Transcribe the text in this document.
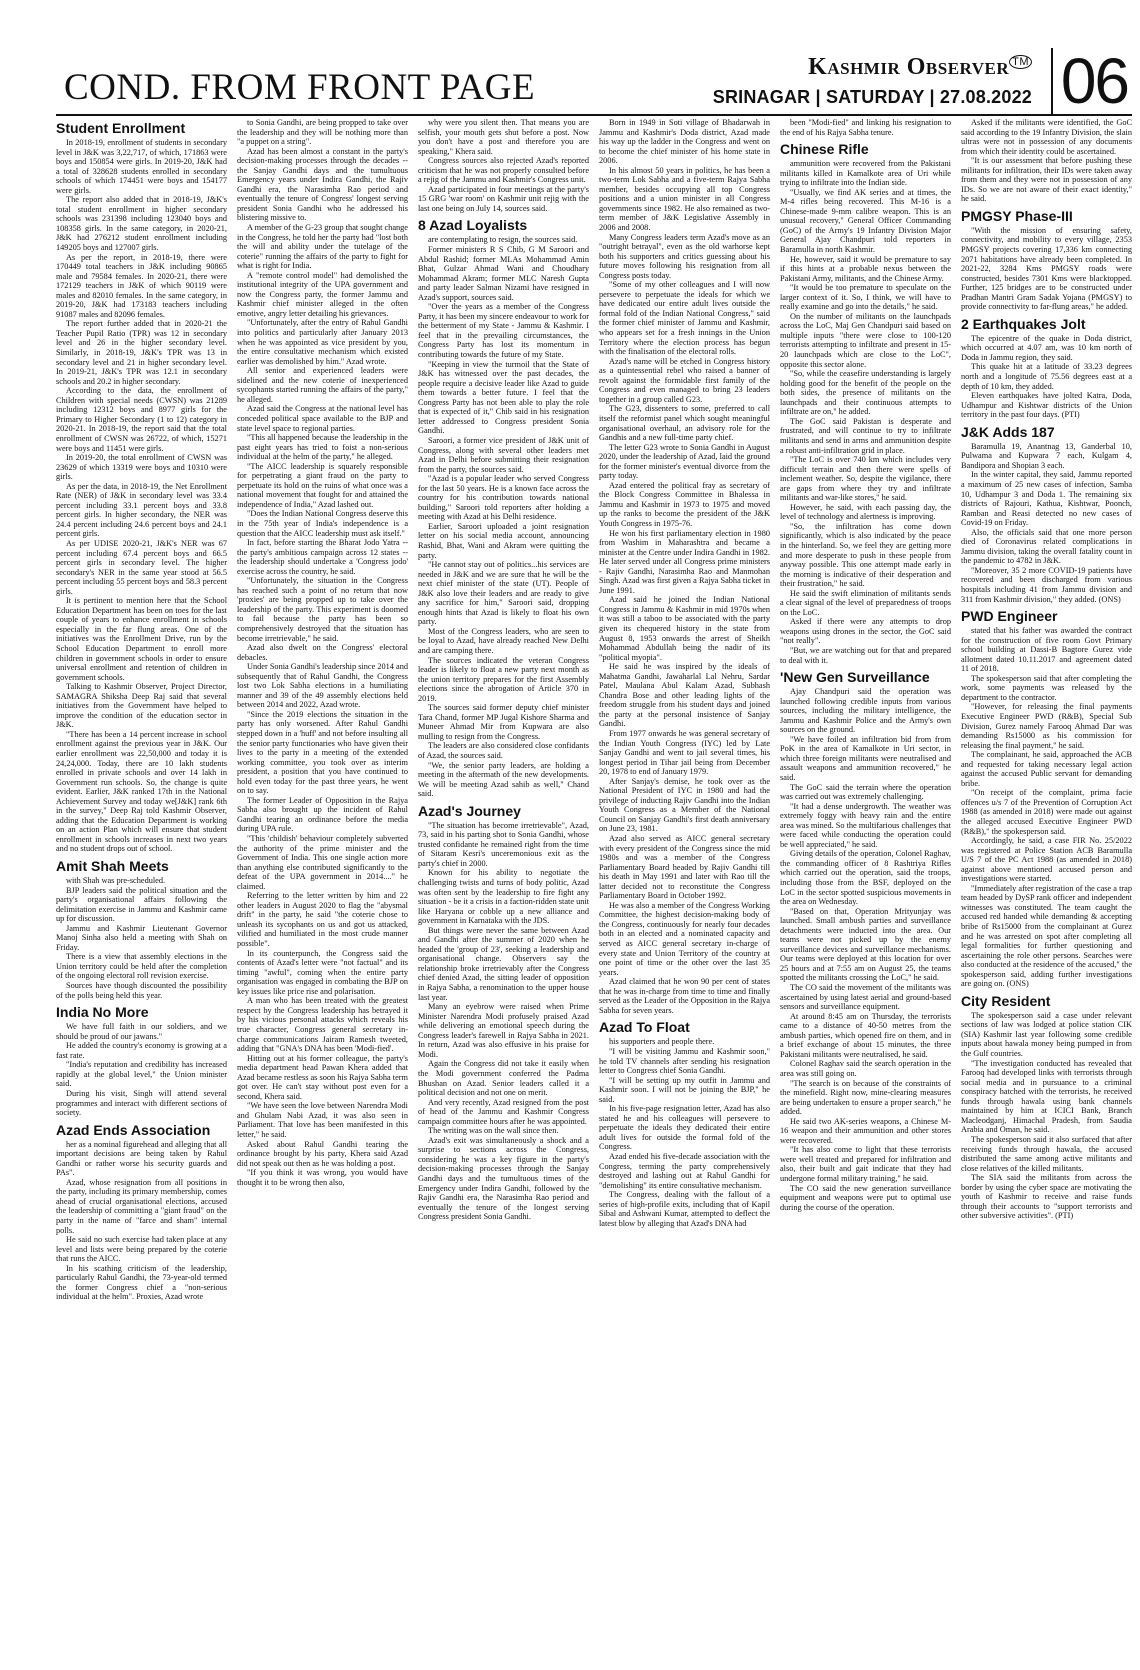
COND. FROM FRONT PAGE	Kashmir Observer ™
SRINAGAR | SATURDAY | 27.08.2022 06
Student Enrollment

In 2018-19, enrollment of students in secondary level in J&K was 3,22,717, of which, 171863 were boys and 150854 were girls. In 2019-20, J&K had a total of 328628 students enrolled in secondary schools of which 174451 were boys and 154177 were girls.

The report also added that in 2018-19, J&K's total student enrollment in higher secondary schools was 231398 including 123040 boys and 108358 girls. In the same category, in 2020-21, J&K had 276212 student enrollment including 149205 boys and 127007 girls.

As per the report, in 2018-19, there were 170449 total teachers in J&K including 90865 male and 79584 females. In 2020-21, there were 172129 teachers in J&K of which 90119 were males and 82010 females. In the same category, in 2019-20, J&K had 173183 teachers including 91087 males and 82096 females.

The report further added that in 2020-21 the Teacher Pupil Ratio (TPR) was 12 in secondary level and 26 in the higher secondary level. Similarly, in 2018-19, J&K's TPR was 13 in secondary level and 21 in higher secondary level. In 2019-21, J&K's TPR was 12.1 in secondary schools and 20.2 in higher secondary.

According to the data, the enrollment of Children with special needs (CWSN) was 21289 including 12312 boys and 8977 girls for the Primary to Higher Secondary (1 to 12) category in 2020-21. In 2018-19, the report said that the total enrollment of CWSN was 26722, of which, 15271 were boys and 11451 were girls.

In 2019-20, the total enrollment of CWSN was 23629 of which 13319 were boys and 10310 were girls.

As per the data, in 2018-19, the Net Enrollment Rate (NER) of J&K in secondary level was 33.4 percent including 33.1 percent boys and 33.8 percent girls. In higher secondary, the NER was 24.4 percent including 24.6 percent boys and 24.1 percent girls.

As per UDISE 2020-21, J&K's NER was 67 percent including 67.4 percent boys and 66.5 percent girls in secondary level. The higher secondary's NER in the same year stood at 56.5 percent including 55 percent boys and 58.3 percent girls.

It is pertinent to mention here that the School Education Department has been on toes for the last couple of years to enhance enrollment in schools especially in the far flung areas. One of the initiatives was the Enrollment Drive, run by the School Education Department to enroll more children in government schools in order to ensure universal enrollment and retention of children in government schools.

Talking to Kashmir Observer, Project Director, SAMAGRA Shiksha Deep Raj said that several initiatives from the Government have helped to improve the condition of the education sector in J&K.

"There has been a 14 percent increase in school enrollment against the previous year in J&K. Our earlier enrollment was 22,50,000 and today it is 24,24,000. Today, there are 10 lakh students enrolled in private schools and over 14 lakh in Government run schools. So, the change is quite evident. Earlier, J&K ranked 17th in the National Achievement Survey and today we[J&K] rank 6th in the survey," Deep Raj told Kashmir Observer, adding that the Education Department is working on an action Plan which will ensure that student enrollment in schools increases in next two years and no student drops out of school.

Amit Shah Meets

with Shah was pre-scheduled.

BJP leaders said the political situation and the party's organisational affairs following the delimitation exercise in Jammu and Kashmir came up for discussion.

Jammu and Kashmir Lieutenant Governor Manoj Sinha also held a meeting with Shah on Friday.

There is a view that assembly elections in the Union territory could be held after the completion of the ongoing electoral roll revision exercise.

Sources have though discounted the possibility of the polls being held this year.

India No More

We have full faith in our soldiers, and we should be proud of our jawans."

He added the country's economy is growing at a fast rate.

"India's reputation and credibility has increased rapidly at the global level," the Union minister said.

During his visit, Singh will attend several programmes and interact with different sections of society.

Azad Ends Association

her as a nominal figurehead and alleging that all important decisions are being taken by Rahul Gandhi or rather worse his security guards and PAs".

Azad, whose resignation from all positions in the party, including its primary membership, comes ahead of crucial organisational elections, accused the leadership of committing a "giant fraud" on the party in the name of "farce and sham" internal polls.

He said no such exercise had taken place at any level and lists were being prepared by the coterie that runs the AICC.

In his scathing criticism of the leadership, particularly Rahul Gandhi, the 73-year-old termed the former Congress chief a "non-serious individual at the helm". Proxies, Azad wrote

to Sonia Gandhi, are being propped to take over the leadership and they will be nothing more than "a puppet on a string".

Azad has been almost a constant in the party's decision-making processes through the decades -- the Sanjay Gandhi days and the tumultuous Emergency years under Indira Gandhi, the Rajiv Gandhi era, the Narasimha Rao period and eventually the tenure of Congress' longest serving president Sonia Gandhi who he addressed his blistering missive to.

A member of the G-23 group that sought change in the Congress, he told her the party had "lost both the will and ability under the tutelage of the coterie" running the affairs of the party to fight for what is right for India.

A "remote control model" had demolished the institutional integrity of the UPA government and now the Congress party, the former Jammu and Kashmir chief minister alleged in the often emotive, angry letter detailing his grievances.

"Unfortunately, after the entry of Rahul Gandhi into politics and particularly after January 2013 when he was appointed as vice president by you, the entire consultative mechanism which existed earlier was demolished by him." Azad wrote.

All senior and experienced leaders were sidelined and the new coterie of inexperienced sycophants started running the affairs of the party," he alleged.

Azad said the Congress at the national level has conceded political space available to the BJP and state level space to regional parties.

"This all happened because the leadership in the past eight years has tried to foist a non-serious individual at the helm of the party," he alleged.

"The AICC leadership is squarely responsible for perpetrating a giant fraud on the party to perpetuate its hold on the ruins of what once was a national movement that fought for and attained the independence of India," Azad lashed out.

"Does the Indian National Congress deserve this in the 75th year of India's independence is a question that the AICC leadership must ask itself."

In fact, before starting the Bharat Jodo Yatra -- the party's ambitious campaign across 12 states -- the leadership should undertake a 'Congress jodo' exercise across the country, he said.

"Unfortunately, the situation in the Congress has reached such a point of no return that now 'proxies' are being propped up to take over the leadership of the party. This experiment is doomed to fail because the party has been so comprehensively destroyed that the situation has become irretrievable," he said.

Azad also dwelt on the Congress' electoral debacles.

Under Sonia Gandhi's leadership since 2014 and subsequently that of Rahul Gandhi, the Congress lost two Lok Sabha elections in a humiliating manner and 39 of the 49 assembly elections held between 2014 and 2022, Azad wrote.

"Since the 2019 elections the situation in the party has only worsened. After Rahul Gandhi stepped down in a 'huff' and not before insulting all the senior party functionaries who have given their lives to the party in a meeting of the extended working committee, you took over as interim president, a position that you have continued to hold even today for the past three years, he went on to say.

The former Leader of Opposition in the Rajya Sabha also brought up the incident of Rahul Gandhi tearing an ordinance before the media during UPA rule.

"This 'childish' behaviour completely subverted the authority of the prime minister and the Government of India. This one single action more than anything else contributed significantly to the defeat of the UPA government in 2014...." he claimed.

Referring to the letter written by him and 22 other leaders in August 2020 to flag the "abysmal drift" in the party, he said "the coterie chose to unleash its sycophants on us and got us attacked, vilified and humiliated in the most crude manner possible".

In its counterpunch, the Congress said the contents of Azad's letter were "not factual" and its timing "awful", coming when the entire party organisation was engaged in combating the BJP on key issues like price rise and polarisation.

A man who has been treated with the greatest respect by the Congress leadership has betrayed it by his vicious personal attacks which reveals his true character, Congress general secretary in-charge communications Jairam Ramesh tweeted, adding that "GNA's DNA has been 'Modi-fied'.

Hitting out at his former colleague, the party's media department head Pawan Khera added that Azad became restless as soon his Rajya Sabha term got over. He can't stay without post even for a second, Khera said.

"We have seen the love between Narendra Modi and Ghulam Nabi Azad, it was also seen in Parliament. That love has been manifested in this letter," he said.

Asked about Rahul Gandhi tearing the ordinance brought by his party, Khera said Azad did not speak out then as he was holding a post.

"If you think it was wrong, you would have thought it to be wrong then also,

why were you silent then. That means you are selfish, your mouth gets shut before a post. Now you don't have a post and therefore you are speaking," Khera said.

Congress sources also rejected Azad's reported criticism that he was not properly consulted before a rejig of the Jammu and Kashmir's Congress unit.

Azad participated in four meetings at the party's 15 GRG 'war room' on Kashmir unit rejig with the last one being on July 14, sources said.

8 Azad Loyalists

are contemplating to resign, the sources said.

Former ministers R S Chib, G M Saroori and Abdul Rashid; former MLAs Mohammad Amin Bhat, Gulzar Ahmad Wani and Choudhary Mohammad Akram; former MLC Naresh Gupta and party leader Salman Nizami have resigned in Azad's support, sources said.

"Over the years as a member of the Congress Party, it has been my sincere endeavour to work for the betterment of my State - Jammu & Kashmir. I feel that in the prevailing circumstances, the Congress Party has lost its momentum in contributing towards the future of my State.

"Keeping in view the turmoil that the State of J&K has witnessed over the past decades, the people require a decisive leader like Azad to guide them towards a better future. I feel that the Congress Party has not been able to play the role that is expected of it," Chib said in his resignation letter addressed to Congress president Sonia Gandhi.

Saroori, a former vice president of J&K unit of Congress, along with several other leaders met Azad in Delhi before submitting their resignation from the party, the sources said.

"Azad is a popular leader who served Congress for the last 50 years. He is a known face across the country for his contribution towards national building," Saroori told reporters after holding a meeting with Azad at his Delhi residence.

Earlier, Saroori uploaded a joint resignation letter on his social media account, announcing Rashid, Bhat, Wani and Akram were quitting the party.

"He cannot stay out of politics...his services are needed in J&K and we are sure that he will be the next chief minister of the state (UT). People of J&K also love their leaders and are ready to give any sacrifice for him," Saroori said, dropping enough hints that Azad is likely to float his own party.

Most of the Congress leaders, who are seen to be loyal to Azad, have already reached New Delhi and are camping there.

The sources indicated the veteran Congress leader is likely to float a new party next month as the union territory prepares for the first Assembly elections since the abrogation of Article 370 in 2019.

The sources said former deputy chief minister Tara Chand, former MP Jugal Kishore Sharma and Muneer Ahmad Mir from Kupwara are also mulling to resign from the Congress.

The leaders are also considered close confidants of Azad, the sources said.

"We, the senior party leaders, are holding a meeting in the aftermath of the new developments. We will be meeting Azad sahib as well," Chand said.

Azad's Journey

"The situation has become irretrievable", Azad, 73, said in his parting shot to Sonia Gandhi, whose trusted confidante he remained right from the time of Sitaram Kesri's unceremonious exit as the party's chief in 2000.

Known for his ability to negotiate the challenging twists and turns of body politic, Azad was often sent by the leadership to fire fight any situation - be it a crisis in a faction-ridden state unit like Haryana or cobble up a new alliance and government in Karnataka with the JDS.

But things were never the same between Azad and Gandhi after the summer of 2020 when he headed the 'group of 23', seeking a leadership and organisational change. Observers say the relationship broke irretrievably after the Congress chief denied Azad, the sitting leader of opposition in Rajya Sabha, a renomination to the upper house last year.

Many an eyebrow were raised when Prime Minister Narendra Modi profusely praised Azad while delivering an emotional speech during the Congress leader's farewell in Rajya Sabha in 2021. In return, Azad was also effusive in his praise for Modi.

Again the Congress did not take it easily when the Modi government conferred the Padma Bhushan on Azad. Senior leaders called it a political decision and not one on merit.

And very recently, Azad resigned from the post of head of the Jammu and Kashmir Congress campaign committee hours after he was appointed.

The writing was on the wall since then.

Azad's exit was simultaneously a shock and a surprise to sections across the Congress, considering he was a key figure in the party's decision-making processes through the Sanjay Gandhi days and the tumultuous times of the Emergency under Indira Gandhi, followed by the Rajiv Gandhi era, the Narasimha Rao period and eventually the tenure of the longest serving Congress president Sonia Gandhi.

Born in 1949 in Soti village of Bhadarwah in Jammu and Kashmir's Doda district, Azad made his way up the ladder in the Congress and went on to become the chief minister of his home state in 2006.

In his almost 50 years in politics, he has been a two-term Lok Sabha and a five-term Rajya Sabha member, besides occupying all top Congress positions and a union minister in all Congress governments since 1982. He also remained as two-term member of J&K Legislative Assembly in 2006 and 2008.

Many Congress leaders term Azad's move as an "outright betrayal", even as the old warhorse kept both his supporters and critics guessing about his future moves following his resignation from all Congress posts today.

"Some of my other colleagues and I will now persevere to perpetuate the ideals for which we have dedicated our entire adult lives outside the formal fold of the Indian National Congress," said the former chief minister of Jammu and Kashmir, who appears set for a fresh innings in the Union Territory where the election process has begun with the finalisation of the electoral rolls.

Azad's name will be etched in Congress history as a quintessential rebel who raised a banner of revolt against the formidable first family of the Congress and even managed to bring 23 leaders together in a group called G23.

The G23, dissenters to some, preferred to call itself the reformist panel which sought meaningful organisational overhaul, an advisory role for the Gandhis and a new full-time party chief.

The letter G23 wrote to Sonia Gandhi in August 2020, under the leadership of Azad, laid the ground for the former minister's eventual divorce from the party today.

Azad entered the political fray as secretary of the Block Congress Committee in Bhalessa in Jammu and Kashmir in 1973 to 1975 and moved up the ranks to become the president of the J&K Youth Congress in 1975-76.

He won his first parliamentary election in 1980 from Washim in Maharashtra and became a minister at the Centre under Indira Gandhi in 1982. He later served under all Congress prime ministers - Rajiv Gandhi, Narasimha Rao and Manmohan Singh. Azad was first given a Rajya Sabha ticket in June 1991.

Azad said he joined the Indian National Congress in Jammu & Kashmir in mid 1970s when it was still a taboo to be associated with the party given its chequered history in the state from August 8, 1953 onwards the arrest of Sheikh Mohammad Abdullah being the nadir of its "political myopia".

He said he was inspired by the ideals of Mahatma Gandhi, Jawaharlal Lal Nehru, Sardar Patel, Maulana Abul Kalam Azad, Subhash Chandra Bose and other leading lights of the freedom struggle from his student days and joined the party at the personal insistence of Sanjay Gandhi.

From 1977 onwards he was general secretary of the Indian Youth Congress (IYC) led by Late Sanjay Gandhi and went to jail several times, his longest period in Tihar jail being from December 20, 1978 to end of January 1979.

After Sanjay's demise, he took over as the National President of IYC in 1980 and had the privilege of inducting Rajiv Gandhi into the Indian Youth Congress as a Member of the National Council on Sanjay Gandhi's first death anniversary on June 23, 1981.

Azad also served as AICC general secretary with every president of the Congress since the mid 1980s and was a member of the Congress Parliamentary Board headed by Rajiv Gandhi till his death in May 1991 and later with Rao till the latter decided not to reconstitute the Congress Parliamentary Board in October 1992.

He was also a member of the Congress Working Committee, the highest decision-making body of the Congress, continuously for nearly four decades both in an elected and a nominated capacity and served as AICC general secretary in-charge of every state and Union Territory of the country at one point of time or the other over the last 35 years.

Azad claimed that he won 90 per cent of states that he was in-charge from time to time and finally served as the Leader of the Opposition in the Rajya Sabha for seven years.

Azad To Float

his supporters and people there.

"I will be visiting Jammu and Kashmir soon," he told TV channels after sending his resignation letter to Congress chief Sonia Gandhi.

"I will be setting up my outfit in Jammu and Kashmir soon. I will not be joining the BJP," he said.

In his five-page resignation letter, Azad has also stated he and his colleagues will persevere to perpetuate the ideals they dedicated their entire adult lives for outside the formal fold of the Congress.

Azad ended his five-decade association with the Congress, terming the party comprehensively destroyed and lashing out at Rahul Gandhi for "demolishing" its entire consultative mechanism.

The Congress, dealing with the fallout of a series of high-profile exits, including that of Kapil Sibal and Ashwani Kumar, attempted to deflect the latest blow by alleging that Azad's DNA had

been "Modi-fied" and linking his resignation to the end of his Rajya Sabha tenure.

Chinese Rifle

ammunition were recovered from the Pakistani militants killed in Kamalkote area of Uri while trying to infiltrate into the Indian side.

"Usually, we find AK series and at times, the M-4 rifles being recovered. This M-16 is a Chinese-made 9-mm calibre weapon. This is an unusual recovery," General Officer Commanding (GoC) of the Army's 19 Infantry Division Major General Ajay Chandpuri told reporters in Baramulla in north Kashmir.

He, however, said it would be premature to say if this hints at a probable nexus between the Pakistani Army, militants, and the Chinese Army.

"It would be too premature to speculate on the larger context of it. So, I think, we will have to really examine and go into the details," he said.

On the number of militants on the launchpads across the LoC, Maj Gen Chandpuri said based on multiple inputs "there were close to 100-120 terrorists attempting to infiltrate and present in 15-20 launchpads which are close to the LoC", opposite this sector alone.

"So, while the ceasefire understanding is largely holding good for the benefit of the people on the both sides, the presence of militants on the launchpads and their continuous attempts to infiltrate are on," he added.

The GoC said Pakistan is desperate and frustrated, and will continue to try to infiltrate militants and send in arms and ammunition despite a robust anti-infiltration grid in place.

"The LoC is over 740 km which includes very difficult terrain and then there were spells of inclement weather. So, despite the vigilance, there are gaps from where they try and infiltrate militants and war-like stores," he said.

However, he said, with each passing day, the level of technology and alertness is improving.

"So, the infiltration has come down significantly, which is also indicated by the peace in the hinterland. So, we feel they are getting more and more desperate to push in these people from anyway possible. This one attempt made early in the morning is indicative of their desperation and their frustration," he said.

He said the swift elimination of militants sends a clear signal of the level of preparedness of troops on the LoC.

Asked if there were any attempts to drop weapons using drones in the sector, the GoC said "not really".

"But, we are watching out for that and prepared to deal with it.

'New Gen Surveillance

Ajay Chandpuri said the operation was launched following credible inputs from various sources, including the military intelligence, the Jammu and Kashmir Police and the Army's own sources on the ground.

"We have foiled an infiltration bid from from PoK in the area of Kamalkote in Uri sector, in which three foreign militants were neutralised and assault weapons and ammunition recovered," he said.

The GoC said the terrain where the operation was carried out was extremely challenging.

"It had a dense undergrowth. The weather was extremely foggy with heavy rain and the entire area was mined. So the multifarious challenges that were faced while conducting the operation could be well appreciated," he said.

Giving details of the operation, Colonel Raghav, the commanding officer of 8 Rashtriya Rifles which carried out the operation, said the troops, including those from the BSF, deployed on the LoC in the sector spotted suspicious movements in the area on Wednesday.

"Based on that, Operation Mrityunjay was launched. Small ambush parties and surveillance detachments were inducted into the area. Our teams were not picked up by the enemy surveillance devices and surveillance mechanisms. Our teams were deployed at this location for over 25 hours and at 7:55 am on August 25, the teams spotted the militants crossing the LoC," he said.

The CO said the movement of the militants was ascertained by using latest aerial and ground-based sensors and surveillance equipment.

At around 8:45 am on Thursday, the terrorists came to a distance of 40-50 metres from the ambush parties, which opened fire on them, and in a brief exchange of about 15 minutes, the three Pakistani militants were neutralised, he said.

Colonel Raghav said the search operation in the area was still going on.

"The search is on because of the constraints of the minefield. Right now, mine-clearing measures are being undertaken to ensure a proper search," he added.

He said two AK-series weapons, a Chinese M-16 weapon and their ammunition and other stores were recovered.

"It has also come to light that these terrorists were well treated and prepared for infiltration and also, their built and gait indicate that they had undergone formal military training," he said.

The CO said the new generation surveillance equipment and weapons were put to optimal use during the course of the operation.

Asked if the militants were identified, the GoC said according to the 19 Infantry Division, the slain ultras were not in possession of any documents from which their identity could be ascertained.

"It is our assessment that before pushing these militants for infiltration, their IDs were taken away from them and they were not in possession of any IDs. So we are not aware of their exact identity," he said.

PMGSY Phase-III

"With the mission of ensuring safety, connectivity, and mobility to every village, 2353 PMGSY projects covering 17,336 km connecting 2071 habitations have already been completed. In 2021-22, 3284 Kms PMGSY roads were constructed, besides 7301 Kms were blacktopped. Further, 125 bridges are to be constructed under Pradhan Mantri Gram Sadak Yojana (PMGSY) to provide connectivity to far-flung areas," he added.

2 Earthquakes Jolt

The epicentre of the quake in Doda district, which occurred at 4.07 am, was 10 km north of Doda in Jammu region, they said.

This quake hit at a latitude of 33.23 degrees north and a longitude of 75.56 degrees east at a depth of 10 km, they added.

Eleven earthquakes have jolted Katra, Doda, Udhampur and Kishtwar districts of the Union territory in the past four days. (PTI)

J&K Adds 187

Baramulla 19, Anantnag 13, Ganderbal 10, Pulwama and Kupwara 7 each, Kulgam 4, Bandipora and Shopian 3 each.

In the winter capital, they said, Jammu reported a maximum of 25 new cases of infection, Samba 10, Udhampur 3 and Doda 1. The remaining six districts of Rajouri, Kathua, Kishtwar, Poonch, Ramban and Reasi detected no new cases of Covid-19 on Friday.

Also, the officials said that one more person died of Coronavirus related complications in Jammu division, taking the overall fatality count in the pandemic to 4782 in J&K.

"Moreover, 35 2 more COVID-19 patients have recovered and been discharged from various hospitals including 41 from Jammu division and 311 from Kashmir division," they added. (ONS)

PWD Engineer

stated that his father was awarded the contract for the construction of five room Govt Primary school building at Dassi-B Bagtore Gurez vide allotment dated 10.11.2017 and agreement dated 11 of 2018.

The spokesperson said that after completing the work, some payments was released by the department to the contractor.

"However, for releasing the final payments Executive Engineer PWD (R&B), Special Sub Division, Gurez namely Farooq Ahmad Dar was demanding Rs15000 as his commission for releasing the final payment," he said.

The complainant, he said, approached the ACB and requested for taking necessary legal action against the accused Public servant for demanding bribe.

"On receipt of the complaint, prima facie offences u/s 7 of the Prevention of Corruption Act 1988 (as amended in 2018) were made out against the alleged accused Executive Engineer PWD (R&B)," the spokesperson said.

Accordingly, he said, a case FIR No. 25/2022 was registered at Police Station ACB Baramulla U/S 7 of the PC Act 1988 (as amended in 2018) against above mentioned accused person and investigations were started.

"Immediately after registration of the case a trap team headed by DySP rank officer and independent witnesses was constituted. The team caught the accused red handed while demanding & accepting bribe of Rs15000 from the complainant at Gurez and he was arrested on spot after completing all legal formalities for further questioning and ascertaining the role other persons. Searches were also conducted at the residence of the accused," the spokesperson said, adding further investigations are going on. (ONS)

City Resident

The spokesperson said a case under relevant sections of law was lodged at police station CIK (SIA) Kashmir last year following some credible inputs about hawala money being pumped in from the Gulf countries.

"The investigation conducted has revealed that Farooq had developed links with terrorists through social media and in pursuance to a criminal conspiracy hatched with the terrorists, he received funds through hawala using bank channels maintained by him at ICICI Bank, Branch Macleodganj, Himachal Pradesh, from Saudia Arabia and Oman, he said.

The spokesperson said it also surfaced that after receiving funds through hawala, the accused distributed the same among active militants and close relatives of the killed militants.

The SIA said the militants from across the border by using the cyber space are motivating the youth of Kashmir to receive and raise funds through their accounts to "support terrorists and other subversive activities". (PTI)
